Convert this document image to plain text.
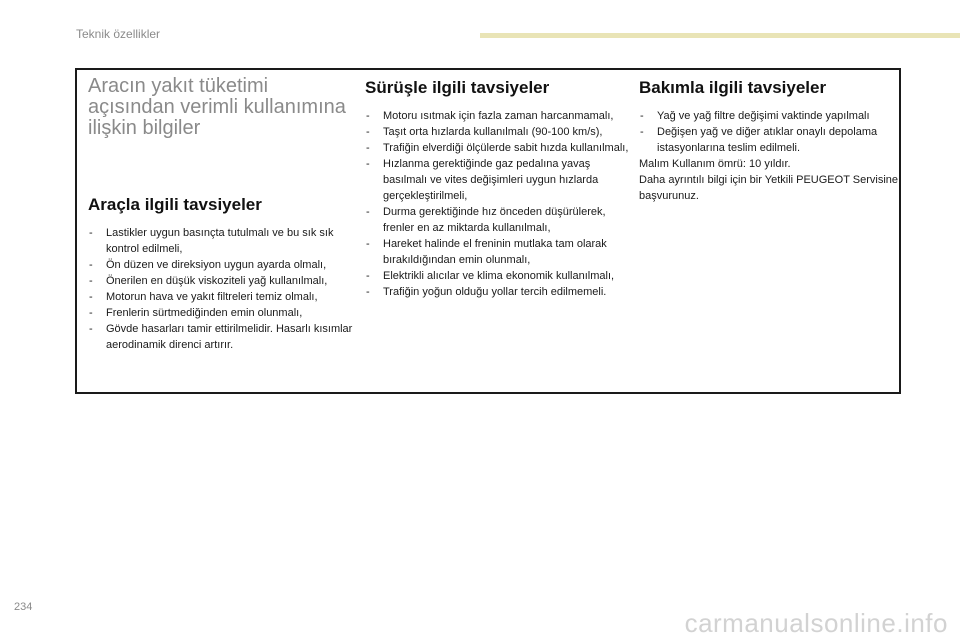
Teknik özellikler
Aracın yakıt tüketimi açısından verimli kullanımına ilişkin bilgiler
Araçla ilgili tavsiyeler
- Lastikler uygun basınçta tutulmalı ve bu sık sık kontrol edilmeli,
- Ön düzen ve direksiyon uygun ayarda olmalı,
- Önerilen en düşük viskoziteli yağ kullanılmalı,
- Motorun hava ve yakıt filtreleri temiz olmalı,
- Frenlerin sürtmediğinden emin olunmalı,
- Gövde hasarları tamir ettirilmelidir. Hasarlı kısımlar aerodinamik direnci artırır.
Sürüşle ilgili tavsiyeler
- Motoru ısıtmak için fazla zaman harcanmamalı,
- Taşıt orta hızlarda kullanılmalı (90-100 km/s),
- Trafiğin elverdiği ölçülerde sabit hızda kullanılmalı,
- Hızlanma gerektiğinde gaz pedalına yavaş basılmalı ve vites değişimleri uygun hızlarda gerçekleştirilmeli,
- Durma gerektiğinde hız önceden düşürülerek, frenler en az miktarda kullanılmalı,
- Hareket halinde el freninin mutlaka tam olarak bırakıldığından emin olunmalı,
- Elektrikli alıcılar ve klima ekonomik kullanılmalı,
- Trafiğin yoğun olduğu yollar tercih edilmemeli.
Bakımla ilgili tavsiyeler
- Yağ ve yağ filtre değişimi vaktinde yapılmalı
- Değişen yağ ve diğer atıklar onaylı depolama istasyonlarına teslim edilmeli.

Malım Kullanım ömrü: 10 yıldır.

Daha ayrıntılı bilgi için bir Yetkili PEUGEOT Servisine başvurunuz.

234
carmanualsonline.info
